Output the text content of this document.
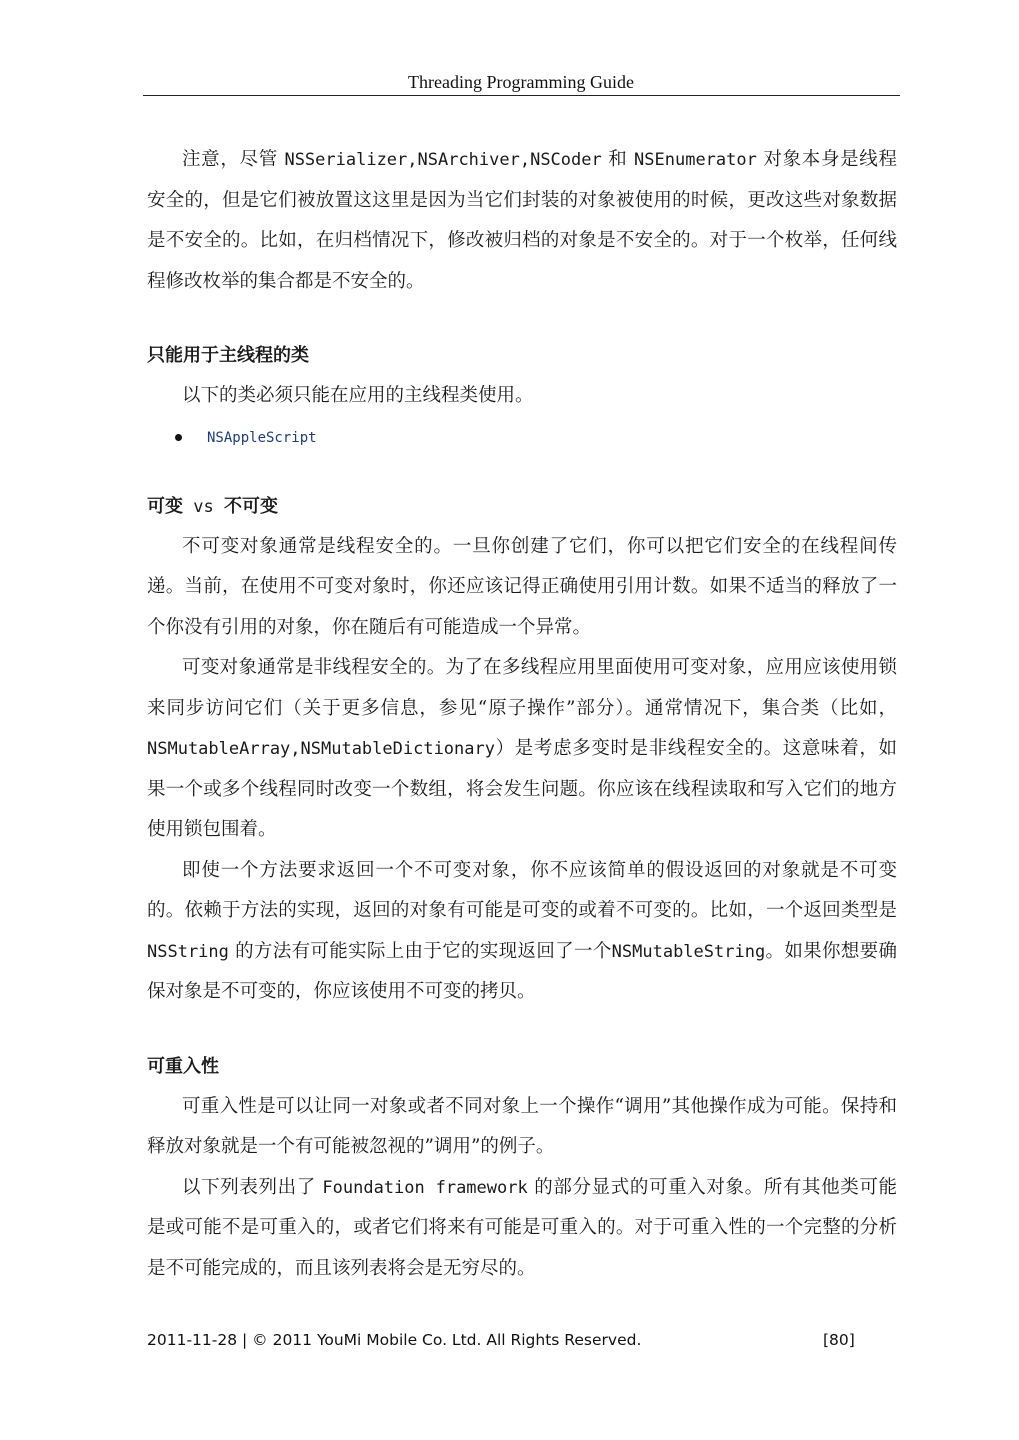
Threading Programming Guide

注意，尽管 NSSerializer,NSArchiver,NSCoder 和 NSEnumerator 对象本身是线程安全的，但是它们被放置这这里是因为当它们封装的对象被使用的时候，更改这些对象数据是不安全的。比如，在归档情况下，修改被归档的对象是不安全的。对于一个枚举，任何线程修改枚举的集合都是不安全的。

只能用于主线程的类

以下的类必须只能在应用的主线程类使用。

NSAppleScript
可变 vs 不可变

不可变对象通常是线程安全的。一旦你创建了它们，你可以把它们安全的在线程间传递。当前，在使用不可变对象时，你还应该记得正确使用引用计数。如果不适当的释放了一个你没有引用的对象，你在随后有可能造成一个异常。

可变对象通常是非线程安全的。为了在多线程应用里面使用可变对象，应用应该使用锁来同步访问它们（关于更多信息，参见“原子操作”部分）。通常情况下，集合类（比如，NSMutableArray,NSMutableDictionary）是考虑多变时是非线程安全的。这意味着，如果一个或多个线程同时改变一个数组，将会发生问题。你应该在线程读取和写入它们的地方使用锁包围着。

即使一个方法要求返回一个不可变对象，你不应该简单的假设返回的对象就是不可变的。依赖于方法的实现，返回的对象有可能是可变的或着不可变的。比如，一个返回类型是 NSString 的方法有可能实际上由于它的实现返回了一个NSMutableString。如果你想要确保对象是不可变的，你应该使用不可变的拷贝。

可重入性

可重入性是可以让同一对象或者不同对象上一个操作“调用”其他操作成为可能。保持和释放对象就是一个有可能被忽视的”调用”的例子。

以下列表列出了 Foundation framework 的部分显式的可重入对象。所有其他类可能是或可能不是可重入的，或者它们将来有可能是可重入的。对于可重入性的一个完整的分析是不可能完成的，而且该列表将会是无穷尽的。

2011-11-28 | © 2011 YouMi Mobile Co. Ltd. All Rights Reserved.	[80]
